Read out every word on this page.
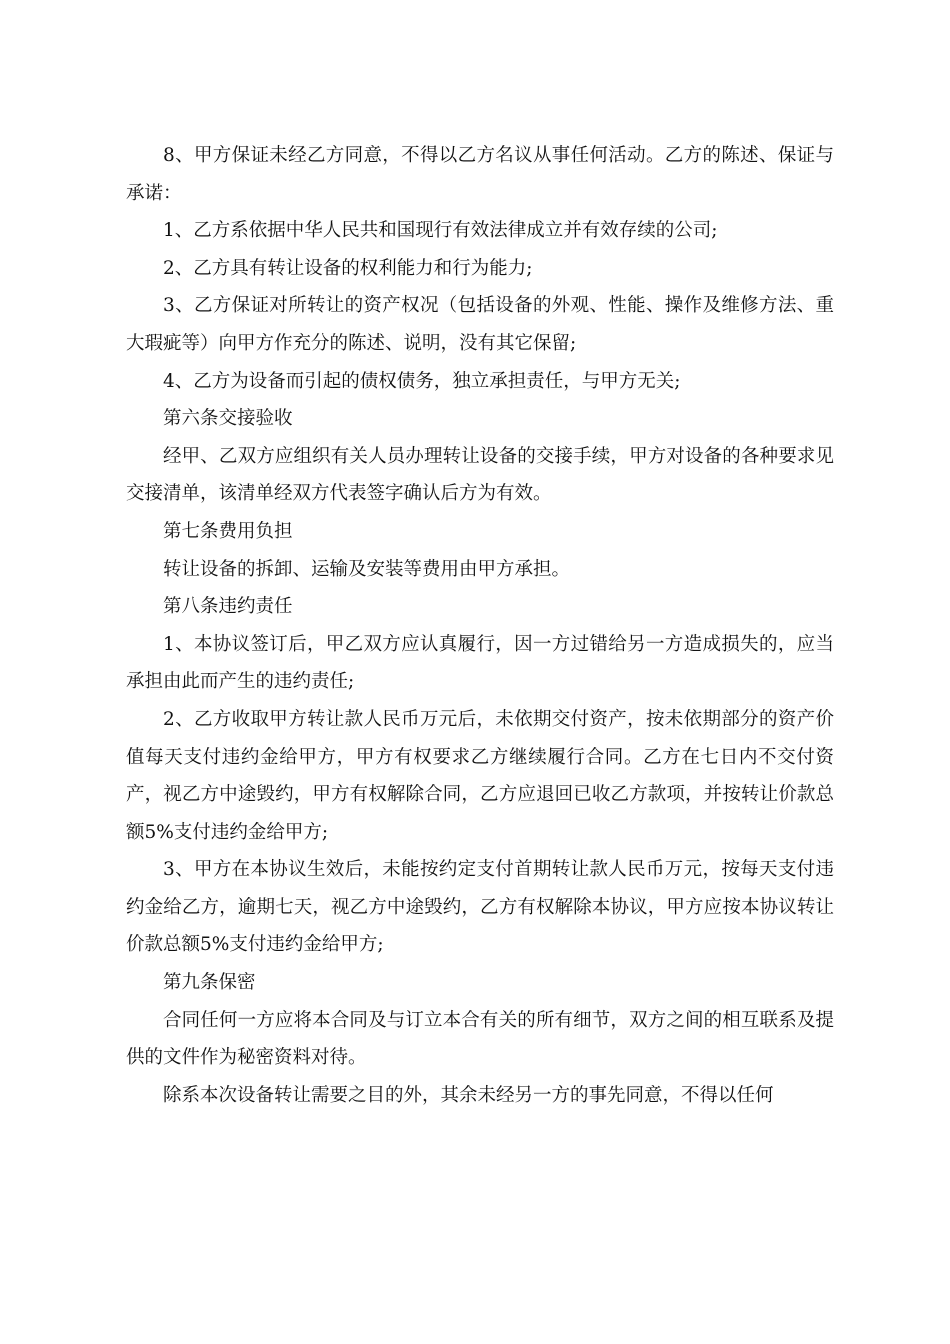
8、甲方保证未经乙方同意，不得以乙方名议从事任何活动。乙方的陈述、保证与承诺：

1、乙方系依据中华人民共和国现行有效法律成立并有效存续的公司;

2、乙方具有转让设备的权利能力和行为能力;

3、乙方保证对所转让的资产权况（包括设备的外观、性能、操作及维修方法、重大瑕疵等）向甲方作充分的陈述、说明，没有其它保留;

4、乙方为设备而引起的债权债务，独立承担责任，与甲方无关;

第六条交接验收

经甲、乙双方应组织有关人员办理转让设备的交接手续，甲方对设备的各种要求见交接清单，该清单经双方代表签字确认后方为有效。

第七条费用负担

转让设备的拆卸、运输及安装等费用由甲方承担。

第八条违约责任

1、本协议签订后，甲乙双方应认真履行，因一方过错给另一方造成损失的，应当承担由此而产生的违约责任;

2、乙方收取甲方转让款人民币万元后，未依期交付资产，按未依期部分的资产价值每天支付违约金给甲方，甲方有权要求乙方继续履行合同。乙方在七日内不交付资产，视乙方中途毁约，甲方有权解除合同，乙方应退回已收乙方款项，并按转让价款总额5%支付违约金给甲方;

3、甲方在本协议生效后，未能按约定支付首期转让款人民币万元，按每天支付违约金给乙方，逾期七天，视乙方中途毁约，乙方有权解除本协议，甲方应按本协议转让价款总额5%支付违约金给甲方;

第九条保密

合同任何一方应将本合同及与订立本合有关的所有细节，双方之间的相互联系及提供的文件作为秘密资料对待。

除系本次设备转让需要之目的外，其余未经另一方的事先同意，不得以任何
